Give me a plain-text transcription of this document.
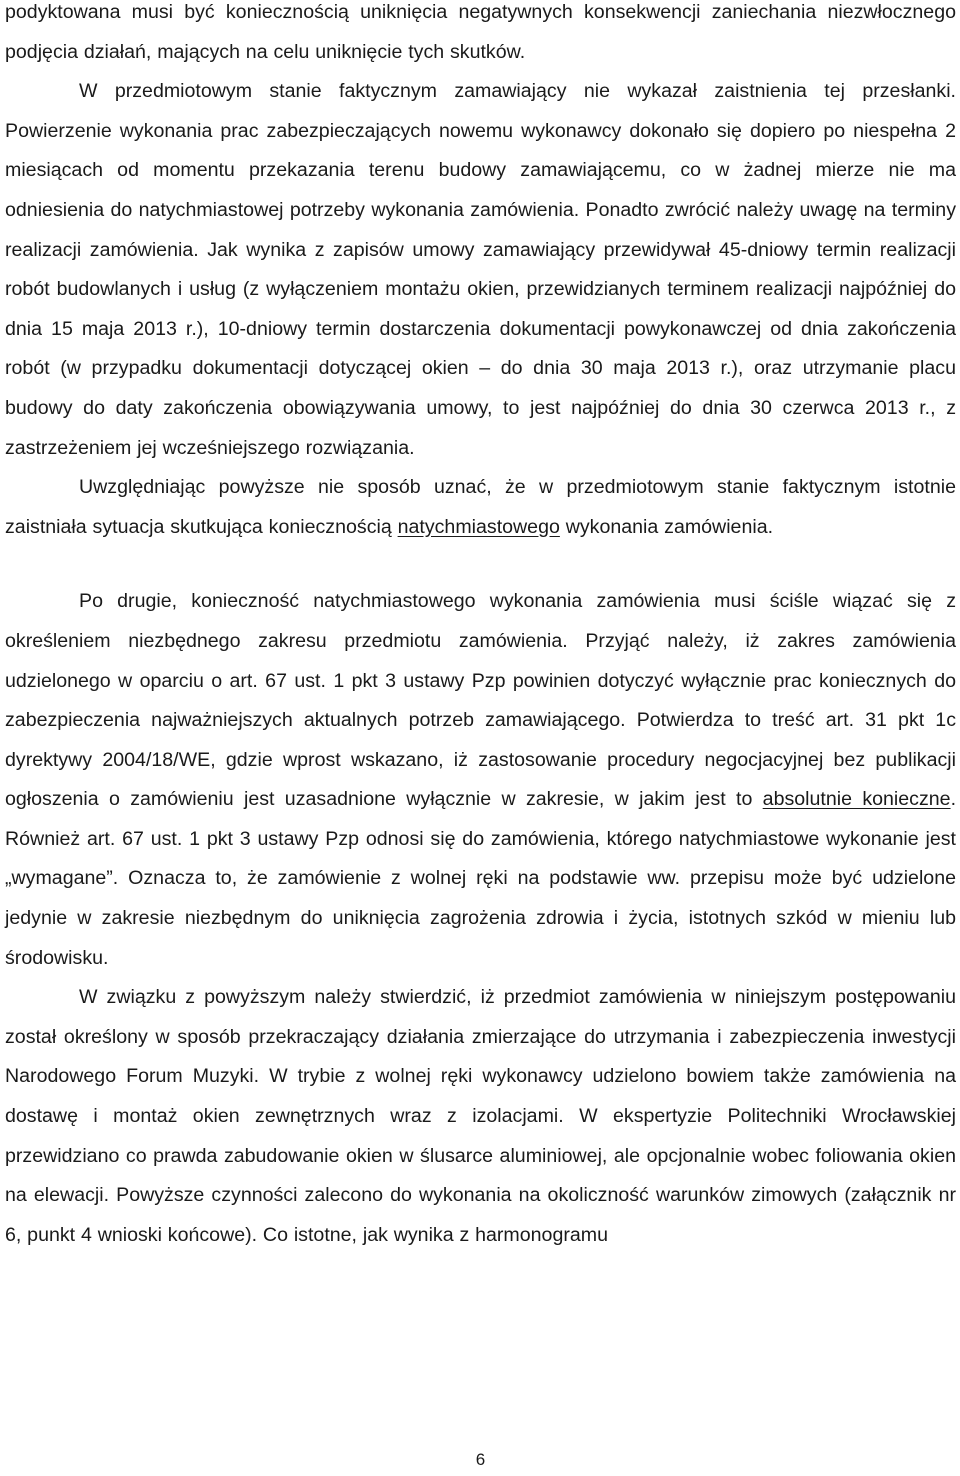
podyktowana musi być koniecznością uniknięcia negatywnych konsekwencji zaniechania niezwłocznego podjęcia działań, mających na celu uniknięcie tych skutków.

W przedmiotowym stanie faktycznym zamawiający nie wykazał zaistnienia tej przesłanki. Powierzenie wykonania prac zabezpieczających nowemu wykonawcy dokonało się dopiero po niespełna 2 miesiącach od momentu przekazania terenu budowy zamawiającemu, co w żadnej mierze nie ma odniesienia do natychmiastowej potrzeby wykonania zamówienia. Ponadto zwrócić należy uwagę na terminy realizacji zamówienia. Jak wynika z zapisów umowy zamawiający przewidywał 45-dniowy termin realizacji robót budowlanych i usług (z wyłączeniem montażu okien, przewidzianych terminem realizacji najpóźniej do dnia 15 maja 2013 r.), 10-dniowy termin dostarczenia dokumentacji powykonawczej od dnia zakończenia robót (w przypadku dokumentacji dotyczącej okien – do dnia 30 maja 2013 r.), oraz utrzymanie placu budowy do daty zakończenia obowiązywania umowy, to jest najpóźniej do dnia 30 czerwca 2013 r., z zastrzeżeniem jej wcześniejszego rozwiązania.

Uwzględniając powyższe nie sposób uznać, że w przedmiotowym stanie faktycznym istotnie zaistniała sytuacja skutkująca koniecznością natychmiastowego wykonania zamówienia.

Po drugie, konieczność natychmiastowego wykonania zamówienia musi ściśle wiązać się z określeniem niezbędnego zakresu przedmiotu zamówienia. Przyjąć należy, iż zakres zamówienia udzielonego w oparciu o art. 67 ust. 1 pkt 3 ustawy Pzp powinien dotyczyć wyłącznie prac koniecznych do zabezpieczenia najważniejszych aktualnych potrzeb zamawiającego. Potwierdza to treść art. 31 pkt 1c dyrektywy 2004/18/WE, gdzie wprost wskazano, iż zastosowanie procedury negocjacyjnej bez publikacji ogłoszenia o zamówieniu jest uzasadnione wyłącznie w zakresie, w jakim jest to absolutnie konieczne. Również art. 67 ust. 1 pkt 3 ustawy Pzp odnosi się do zamówienia, którego natychmiastowe wykonanie jest „wymagane”. Oznacza to, że zamówienie z wolnej ręki na podstawie ww. przepisu może być udzielone jedynie w zakresie niezbędnym do uniknięcia zagrożenia zdrowia i życia, istotnych szkód w mieniu lub środowisku.

W związku z powyższym należy stwierdzić, iż przedmiot zamówienia w niniejszym postępowaniu został określony w sposób przekraczający działania zmierzające do utrzymania i zabezpieczenia inwestycji Narodowego Forum Muzyki. W trybie z wolnej ręki wykonawcy udzielono bowiem także zamówienia na dostawę i montaż okien zewnętrznych wraz z izolacjami. W ekspertyzie Politechniki Wrocławskiej przewidziano co prawda zabudowanie okien w ślusarce aluminiowej, ale opcjonalnie wobec foliowania okien na elewacji. Powyższe czynności zalecono do wykonania na okoliczność warunków zimowych (załącznik nr 6, punkt 4 wnioski końcowe). Co istotne, jak wynika z harmonogramu

6
